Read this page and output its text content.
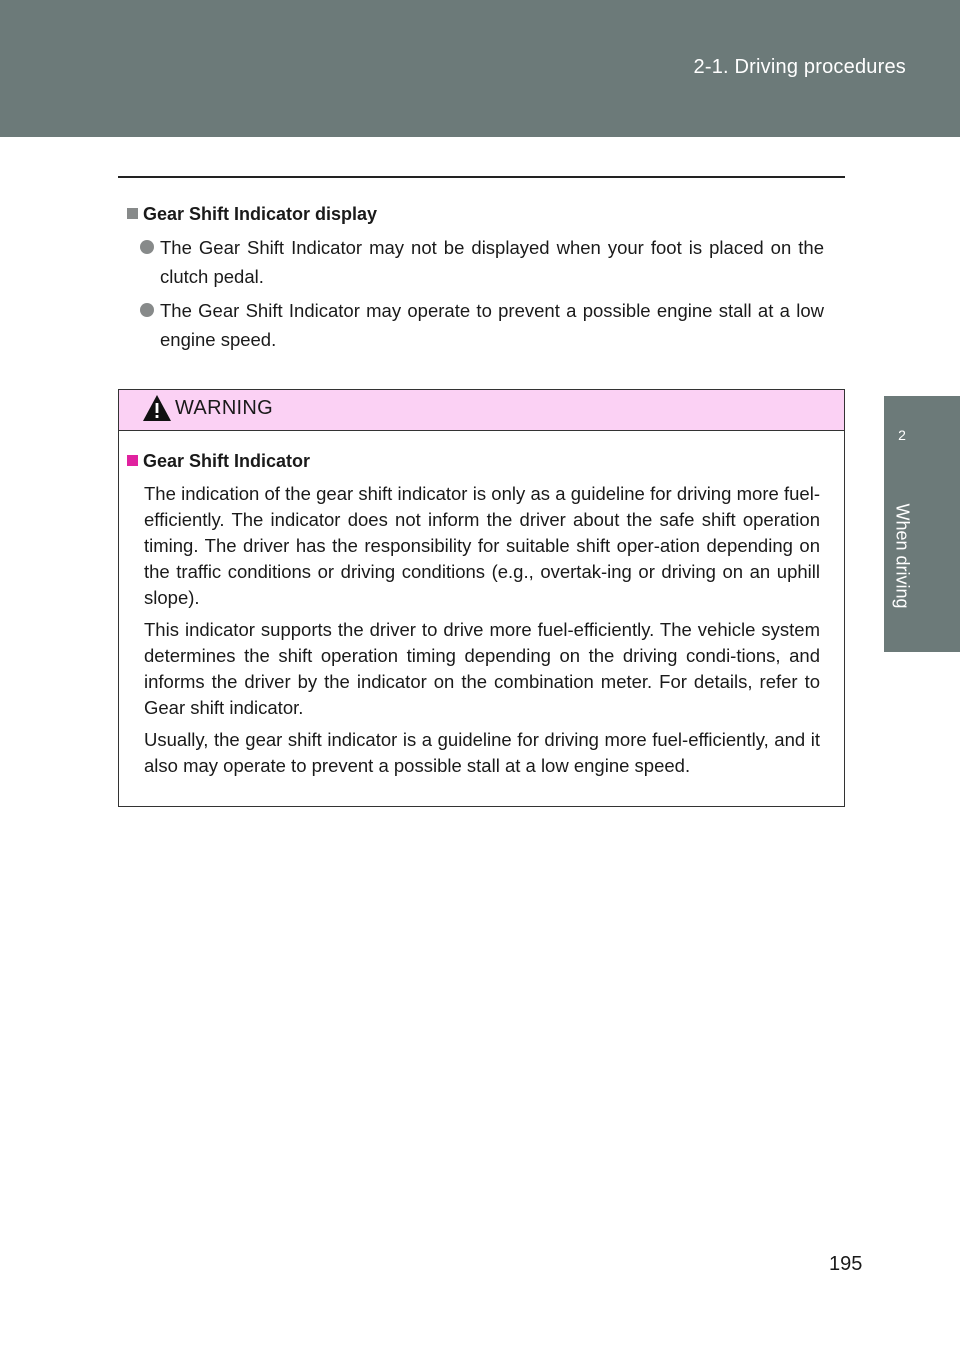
2-1. Driving procedures
2
When driving
Gear Shift Indicator display
The Gear Shift Indicator may not be displayed when your foot is placed on the clutch pedal.
The Gear Shift Indicator may operate to prevent a possible engine stall at a low engine speed.
WARNING
Gear Shift Indicator

The indication of the gear shift indicator is only as a guideline for driving more fuel-efficiently. The indicator does not inform the driver about the safe shift operation timing. The driver has the responsibility for suitable shift oper-ation depending on the traffic conditions or driving conditions (e.g., overtak-ing or driving on an uphill slope).

This indicator supports the driver to drive more fuel-efficiently. The vehicle system determines the shift operation timing depending on the driving condi-tions, and informs the driver by the indicator on the combination meter. For details, refer to Gear shift indicator.

Usually, the gear shift indicator is a guideline for driving more fuel-efficiently, and it also may operate to prevent a possible stall at a low engine speed.

195
